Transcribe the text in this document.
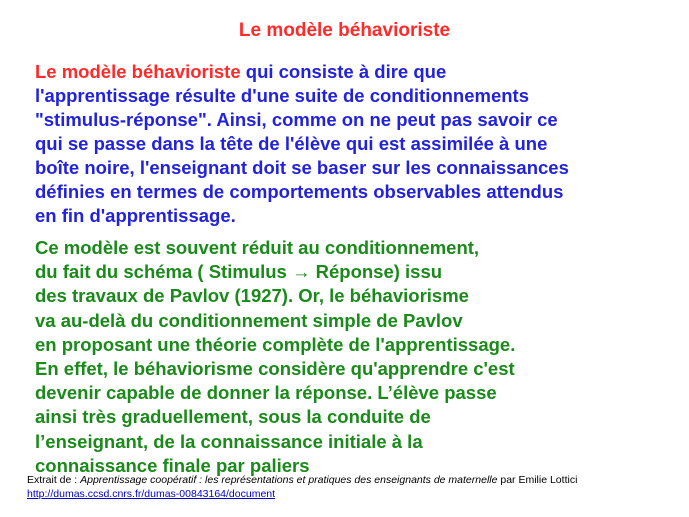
Le modèle béhavioriste
Le modèle béhavioriste qui consiste à dire que
l'apprentissage résulte d'une suite de conditionnements
"stimulus-réponse". Ainsi, comme on ne peut pas savoir ce
qui se passe dans la tête de l'élève qui est assimilée à une
boîte noire, l'enseignant doit se baser sur les connaissances
définies en termes de comportements observables attendus
en fin d'apprentissage.
Ce modèle est souvent réduit au conditionnement,
du fait du schéma ( Stimulus → Réponse) issu
des travaux de Pavlov (1927). Or, le béhaviorisme
va au-delà du conditionnement simple de Pavlov
en proposant une théorie complète de l'apprentissage.
En effet, le béhaviorisme considère qu'apprendre c'est
devenir capable de donner la réponse. L’élève passe
ainsi très graduellement, sous la conduite de
l’enseignant, de la connaissance initiale à la
connaissance finale par paliers
Extrait de : Apprentissage coopératif : les représentations et pratiques des enseignants de maternelle par Emilie Lottici
http://dumas.ccsd.cnrs.fr/dumas-00843164/document
